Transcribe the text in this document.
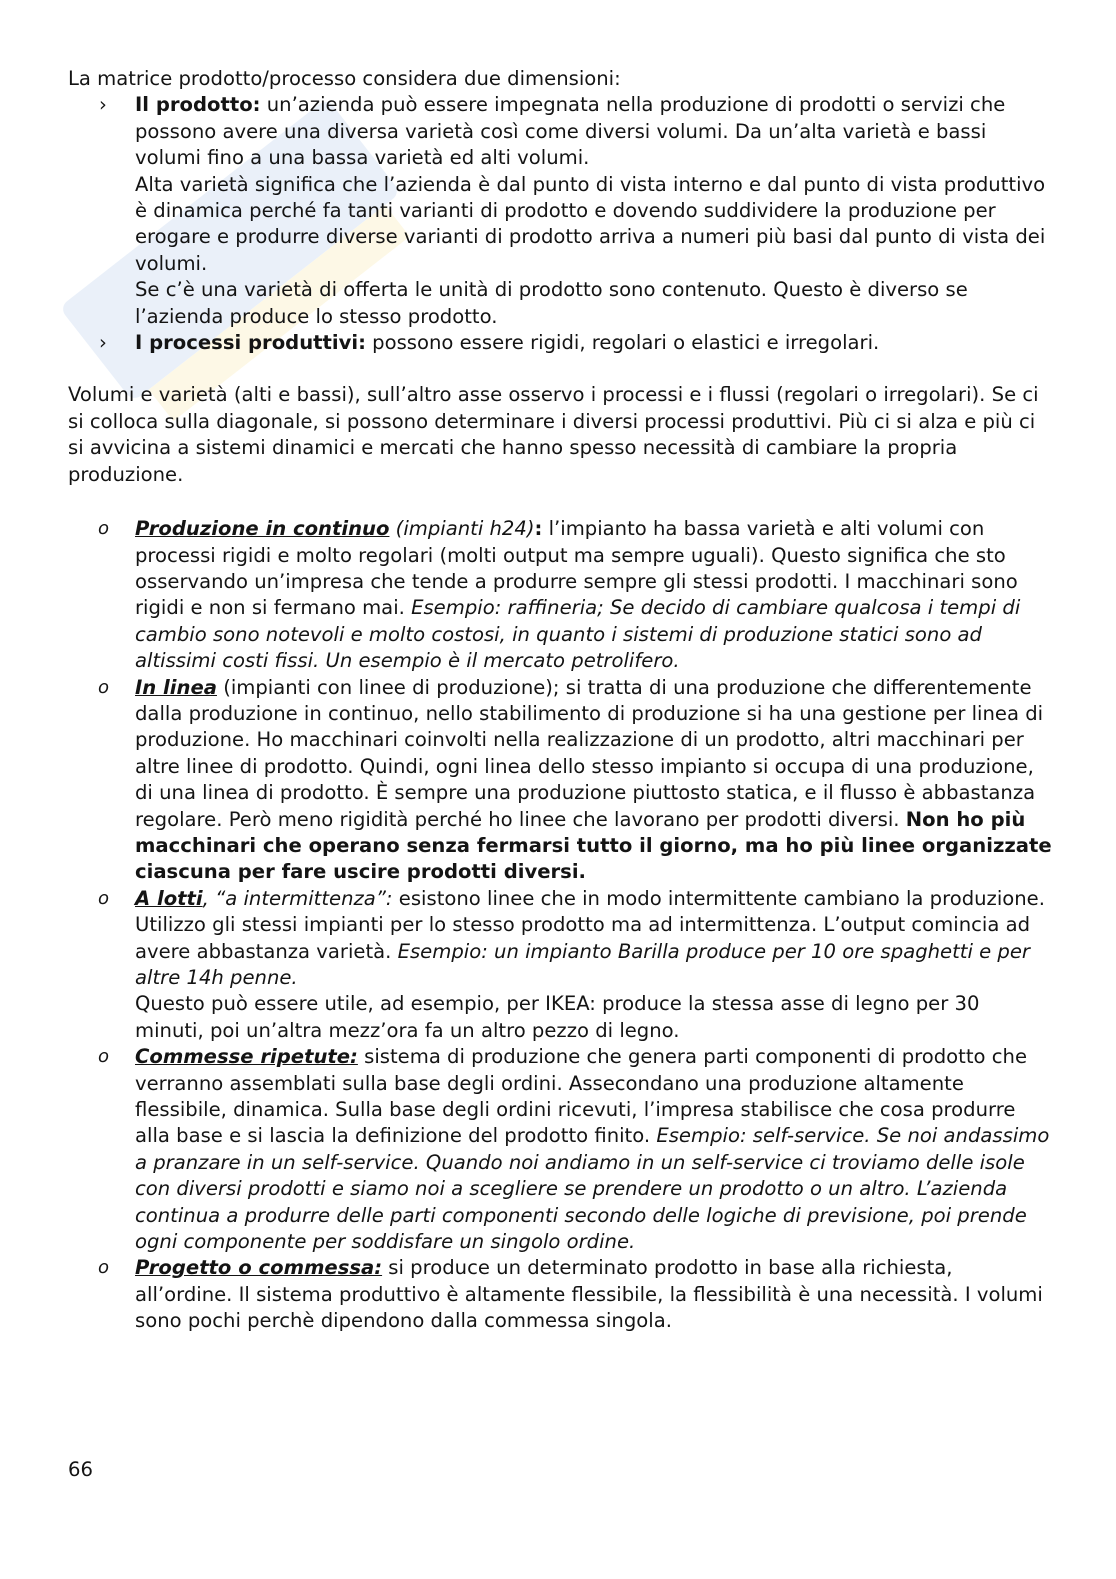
La matrice prodotto/processo considera due dimensioni:

› Il prodotto: un’azienda può essere impegnata nella produzione di prodotti o servizi che possono avere una diversa varietà così come diversi volumi. Da un’alta varietà e bassi volumi fino a una bassa varietà ed alti volumi.

Alta varietà significa che l’azienda è dal punto di vista interno e dal punto di vista produttivo è dinamica perché fa tanti varianti di prodotto e dovendo suddividere la produzione per erogare e produrre diverse varianti di prodotto arriva a numeri più basi dal punto di vista dei volumi.

Se c’è una varietà di offerta le unità di prodotto sono contenuto. Questo è diverso se l’azienda produce lo stesso prodotto.

› I processi produttivi: possono essere rigidi, regolari o elastici e irregolari.

Volumi e varietà (alti e bassi), sull’altro asse osservo i processi e i flussi (regolari o irregolari). Se ci si colloca sulla diagonale, si possono determinare i diversi processi produttivi. Più ci si alza e più ci si avvicina a sistemi dinamici e mercati che hanno spesso necessità di cambiare la propria produzione.

o Produzione in continuo (impianti h24): l’impianto ha bassa varietà e alti volumi con processi rigidi e molto regolari (molti output ma sempre uguali). Questo significa che sto osservando un’impresa che tende a produrre sempre gli stessi prodotti. I macchinari sono rigidi e non si fermano mai. Esempio: raffineria; Se decido di cambiare qualcosa i tempi di cambio sono notevoli e molto costosi, in quanto i sistemi di produzione statici sono ad altissimi costi fissi. Un esempio è il mercato petrolifero.
o In linea (impianti con linee di produzione); si tratta di una produzione che differentemente dalla produzione in continuo, nello stabilimento di produzione si ha una gestione per linea di produzione. Ho macchinari coinvolti nella realizzazione di un prodotto, altri macchinari per altre linee di prodotto. Quindi, ogni linea dello stesso impianto si occupa di una produzione, di una linea di prodotto. È sempre una produzione piuttosto statica, e il flusso è abbastanza regolare. Però meno rigidità perché ho linee che lavorano per prodotti diversi. Non ho più macchinari che operano senza fermarsi tutto il giorno, ma ho più linee organizzate ciascuna per fare uscire prodotti diversi.
o A lotti, “a intermittenza”: esistono linee che in modo intermittente cambiano la produzione. Utilizzo gli stessi impianti per lo stesso prodotto ma ad intermittenza. L’output comincia ad avere abbastanza varietà. Esempio: un impianto Barilla produce per 10 ore spaghetti e per altre 14h penne.

Questo può essere utile, ad esempio, per IKEA: produce la stessa asse di legno per 30 minuti, poi un’altra mezz’ora fa un altro pezzo di legno.

o Commesse ripetute: sistema di produzione che genera parti componenti di prodotto che verranno assemblati sulla base degli ordini. Assecondano una produzione altamente flessibile, dinamica. Sulla base degli ordini ricevuti, l’impresa stabilisce che cosa produrre alla base e si lascia la definizione del prodotto finito. Esempio: self-service. Se noi andassimo a pranzare in un self-service. Quando noi andiamo in un self-service ci troviamo delle isole con diversi prodotti e siamo noi a scegliere se prendere un prodotto o un altro. L’azienda continua a produrre delle parti componenti secondo delle logiche di previsione, poi prende ogni componente per soddisfare un singolo ordine.
o Progetto o commessa: si produce un determinato prodotto in base alla richiesta, all’ordine. Il sistema produttivo è altamente flessibile, la flessibilità è una necessità. I volumi sono pochi perchè dipendono dalla commessa singola.
66
